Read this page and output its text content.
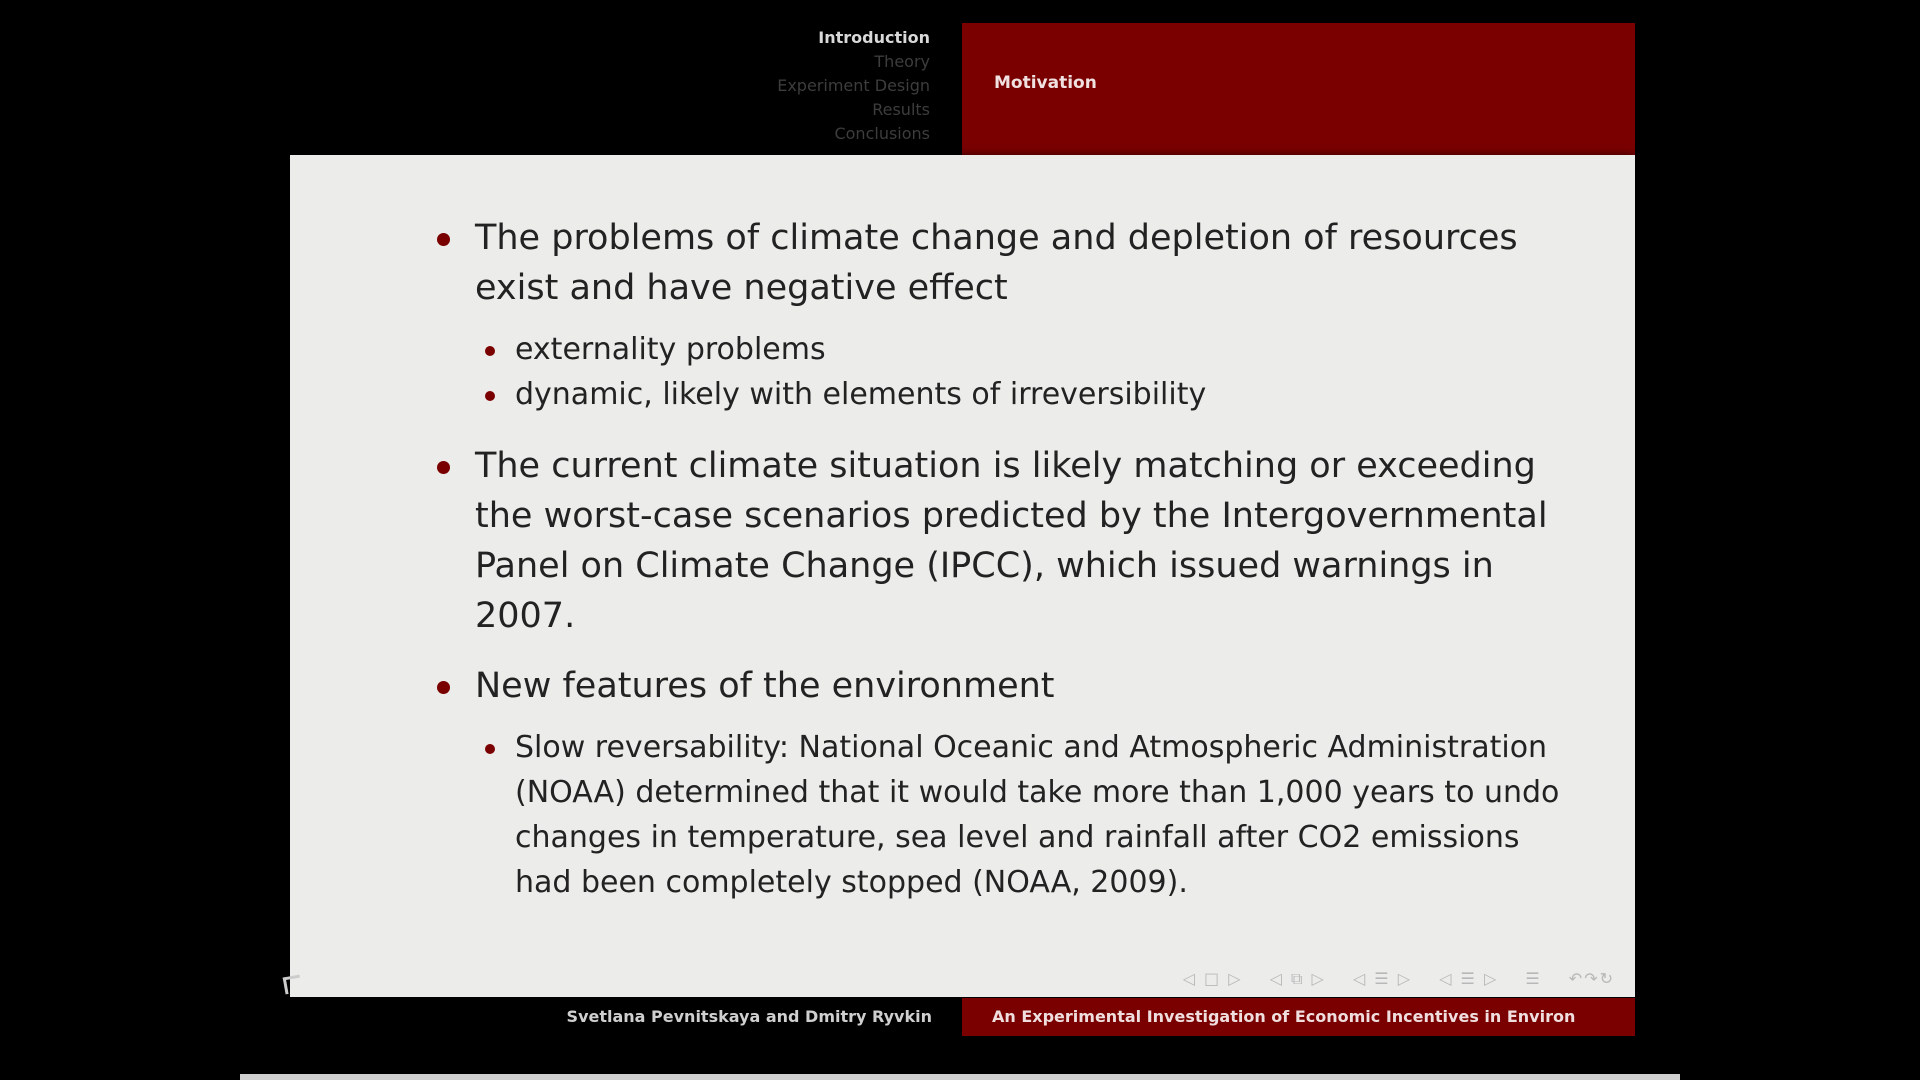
Introduction
Theory
Experiment Design
Results
Conclusions
Motivation
The problems of climate change and depletion of resources exist and have negative effect
externality problems
dynamic, likely with elements of irreversibility
The current climate situation is likely matching or exceeding the worst-case scenarios predicted by the Intergovernmental Panel on Climate Change (IPCC), which issued warnings in 2007.
New features of the environment
Slow reversability: National Oceanic and Atmospheric Administration (NOAA) determined that it would take more than 1,000 years to undo changes in temperature, sea level and rainfall after CO2 emissions had been completely stopped (NOAA, 2009).
◁ □ ▷ ◁ ⧉ ▷ ◁ ☰ ▷ ◁ ☰ ▷ ☰ ↶↷↻
Svetlana Pevnitskaya and Dmitry Ryvkin	An Experimental Investigation of Economic Incentives in Environ
